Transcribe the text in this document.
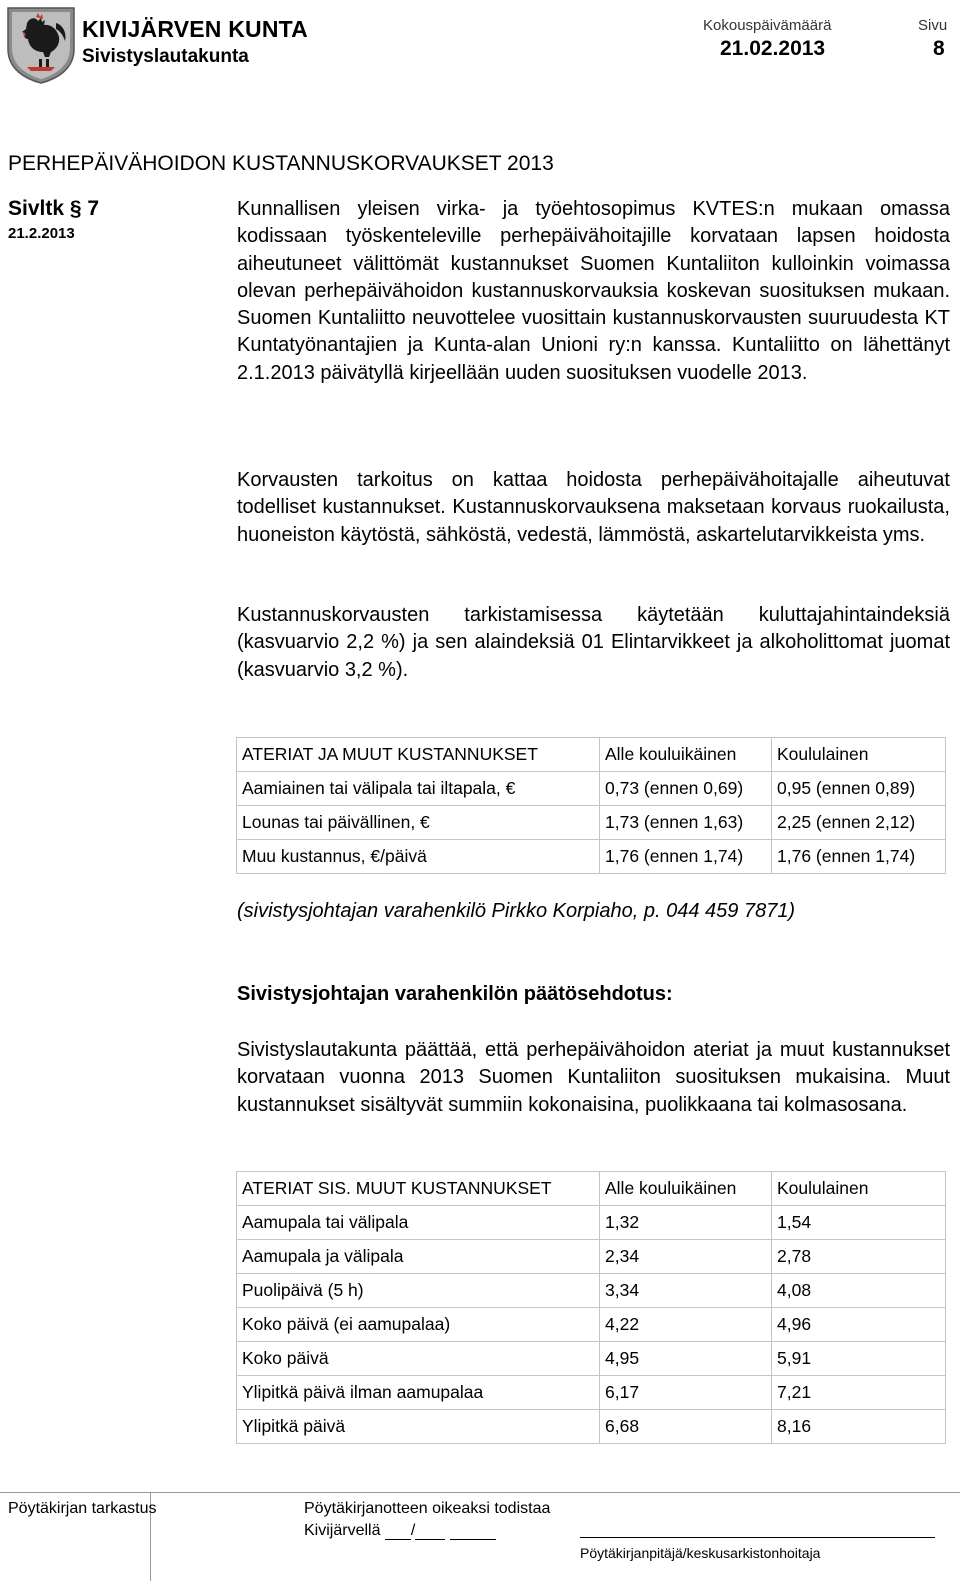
KIVIJÄRVEN KUNTA
Sivistyslautakunta
Kokouspäivämäärä
21.02.2013
Sivu
8
PERHEPÄIVÄHOIDON KUSTANNUSKORVAUKSET 2013
Sivltk § 7
21.2.2013

Kunnallisen yleisen virka- ja työehtosopimus KVTES:n mukaan omassa kodissaan työskenteleville perhepäivähoitajille korvataan lapsen hoidosta aiheutuneet välittömät kustannukset Suomen Kuntaliiton kulloinkin voimassa olevan perhepäivähoidon kustannuskorvauksia koskevan suosituksen mukaan. Suomen Kuntaliitto neuvottelee vuosittain kustannuskorvausten suuruudesta KT Kuntatyönantajien ja Kunta-alan Unioni ry:n kanssa. Kuntaliitto on lähettänyt 2.1.2013 päivätyllä kirjeellään uuden suosituksen vuodelle 2013.

Korvausten tarkoitus on kattaa hoidosta perhepäivähoitajalle aiheutuvat todelliset kustannukset. Kustannuskorvauksena maksetaan korvaus ruokailusta, huoneiston käytöstä, sähköstä, vedestä, lämmöstä, askartelutarvikkeista yms.

Kustannuskorvausten tarkistamisessa käytetään kuluttajahintaindeksiä (kasvuarvio 2,2 %) ja sen alaindeksiä 01 Elintarvikkeet ja alkoholittomat juomat (kasvuarvio 3,2 %).

ATERIAT JA MUUT KUSTANNUKSET	Alle kouluikäinen	Koululainen
Aamiainen tai välipala tai iltapala, €	0,73 (ennen 0,69)	0,95 (ennen 0,89)
Lounas tai päivällinen, €	1,73 (ennen 1,63)	2,25 (ennen 2,12)
Muu kustannus, €/päivä	1,76 (ennen 1,74)	1,76 (ennen 1,74)
(sivistysjohtajan varahenkilö Pirkko Korpiaho, p. 044 459 7871)
Sivistysjohtajan varahenkilön päätösehdotus:

Sivistyslautakunta päättää, että perhepäivähoidon ateriat ja muut kustannukset korvataan vuonna 2013 Suomen Kuntaliiton suosituksen mukaisina. Muut kustannukset sisältyvät summiin kokonaisina, puolikkaana tai kolmasosana.

ATERIAT SIS. MUUT KUSTANNUKSET	Alle kouluikäinen	Koululainen
Aamupala tai välipala	1,32	1,54
Aamupala ja välipala	2,34	2,78
Puolipäivä (5 h)	3,34	4,08
Koko päivä (ei aamupalaa)	4,22	4,96
Koko päivä	4,95	5,91
Ylipitkä päivä ilman aamupalaa	6,17	7,21
Ylipitkä päivä	6,68	8,16
Pöytäkirjan tarkastus	Pöytäkirjanotteen oikeaksi todistaa
Kivijärvellä /
Pöytäkirjanpitäjä/keskusarkistonhoitaja
